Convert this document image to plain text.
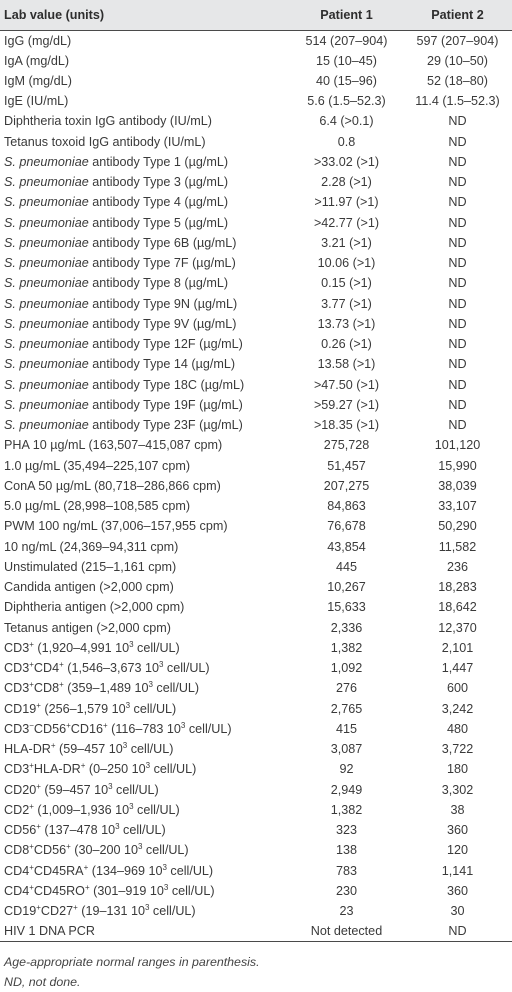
Lab value (units)	Patient 1	Patient 2
IgG (mg/dL)	514 (207–904)	597 (207–904)
IgA (mg/dL)	15 (10–45)	29 (10–50)
IgM (mg/dL)	40 (15–96)	52 (18–80)
IgE (IU/mL)	5.6 (1.5–52.3)	11.4 (1.5–52.3)
Diphtheria toxin IgG antibody (IU/mL)	6.4 (>0.1)	ND
Tetanus toxoid IgG antibody (IU/mL)	0.8	ND
S. pneumoniae antibody Type 1 (µg/mL)	>33.02 (>1)	ND
S. pneumoniae antibody Type 3 (µg/mL)	2.28 (>1)	ND
S. pneumoniae antibody Type 4 (µg/mL)	>11.97 (>1)	ND
S. pneumoniae antibody Type 5 (µg/mL)	>42.77 (>1)	ND
S. pneumoniae antibody Type 6B (µg/mL)	3.21 (>1)	ND
S. pneumoniae antibody Type 7F (µg/mL)	10.06 (>1)	ND
S. pneumoniae antibody Type 8 (µg/mL)	0.15 (>1)	ND
S. pneumoniae antibody Type 9N (µg/mL)	3.77 (>1)	ND
S. pneumoniae antibody Type 9V (µg/mL)	13.73 (>1)	ND
S. pneumoniae antibody Type 12F (µg/mL)	0.26 (>1)	ND
S. pneumoniae antibody Type 14 (µg/mL)	13.58 (>1)	ND
S. pneumoniae antibody Type 18C (µg/mL)	>47.50 (>1)	ND
S. pneumoniae antibody Type 19F (µg/mL)	>59.27 (>1)	ND
S. pneumoniae antibody Type 23F (µg/mL)	>18.35 (>1)	ND
PHA 10 µg/mL (163,507–415,087 cpm)	275,728	101,120
1.0 µg/mL (35,494–225,107 cpm)	51,457	15,990
ConA 50 µg/mL (80,718–286,866 cpm)	207,275	38,039
5.0 µg/mL (28,998–108,585 cpm)	84,863	33,107
PWM 100 ng/mL (37,006–157,955 cpm)	76,678	50,290
10 ng/mL (24,369–94,311 cpm)	43,854	11,582
Unstimulated (215–1,161 cpm)	445	236
Candida antigen (>2,000 cpm)	10,267	18,283
Diphtheria antigen (>2,000 cpm)	15,633	18,642
Tetanus antigen (>2,000 cpm)	2,336	12,370
CD3+ (1,920–4,991 $10^3$ cell/UL)	1,382	2,101
CD3+CD4+ (1,546–3,673 $10^3$ cell/UL)	1,092	1,447
CD3+CD8+ (359–1,489 $10^3$ cell/UL)	276	600
CD19+ (256–1,579 $10^3$ cell/UL)	2,765	3,242
CD3−CD56+CD16+ (116–783 $10^3$ cell/UL)	415	480
HLA-DR+ (59–457 $10^3$ cell/UL)	3,087	3,722
CD3+HLA-DR+ (0–250 $10^3$ cell/UL)	92	180
CD20+ (59–457 $10^3$ cell/UL)	2,949	3,302
CD2+ (1,009–1,936 $10^3$ cell/UL)	1,382	38
CD56+ (137–478 $10^3$ cell/UL)	323	360
CD8+CD56+ (30–200 $10^3$ cell/UL)	138	120
CD4+CD45RA+ (134–969 $10^3$ cell/UL)	783	1,141
CD4+CD45RO+ (301–919 $10^3$ cell/UL)	230	360
CD19+CD27+ (19–131 $10^3$ cell/UL)	23	30
HIV 1 DNA PCR	Not detected	ND
Age-appropriate normal ranges in parenthesis.
ND, not done.
